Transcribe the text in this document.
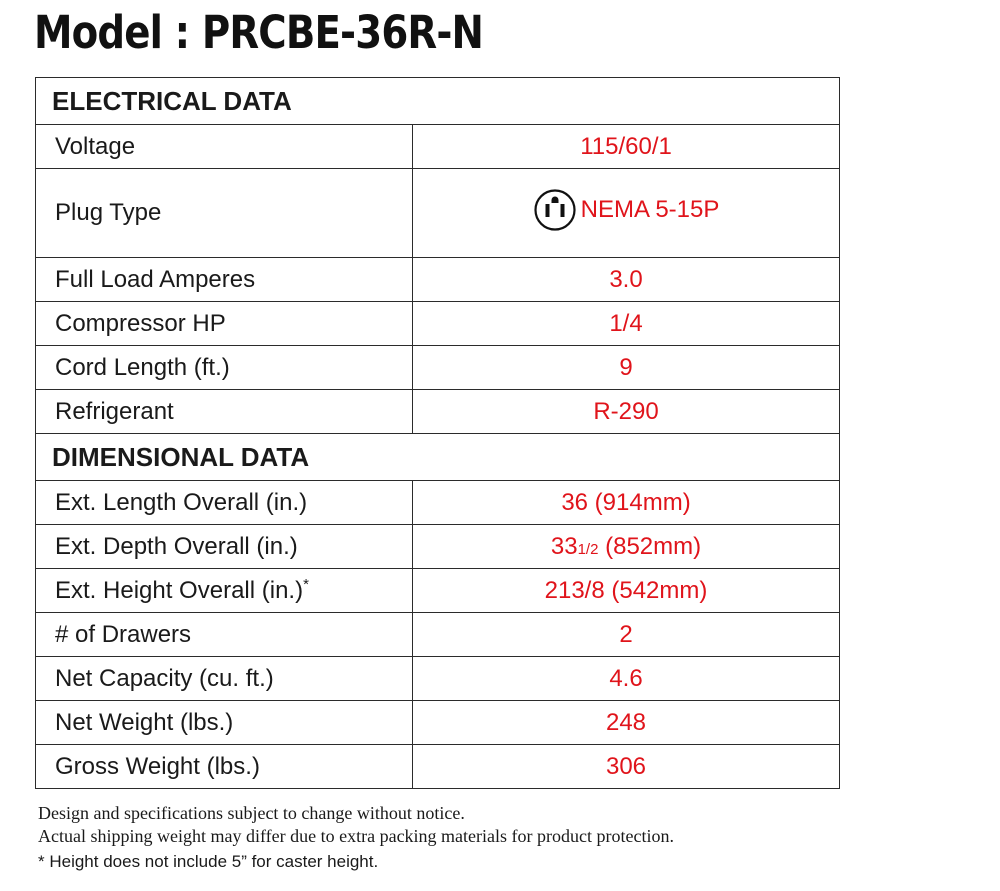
Model : PRCBE-36R-N
ELECTRICAL DATA	
Voltage	115/60/1
Plug Type	NEMA 5-15P

Full Load Amperes	3.0
Compressor HP	1/4
Cord Length (ft.)	9
Refrigerant	R-290
DIMENSIONAL DATA	
Ext. Length Overall (in.)	36 (914mm)
Ext. Depth Overall (in.)	331/2 (852mm)
Ext. Height Overall (in.)*	213/8 (542mm)
# of Drawers	2
Net Capacity (cu. ft.)	4.6
Net Weight (lbs.)	248
Gross Weight (lbs.)	306
Design and specifications subject to change without notice.
Actual shipping weight may differ due to extra packing materials for product protection.
* Height does not include 5” for caster height.
